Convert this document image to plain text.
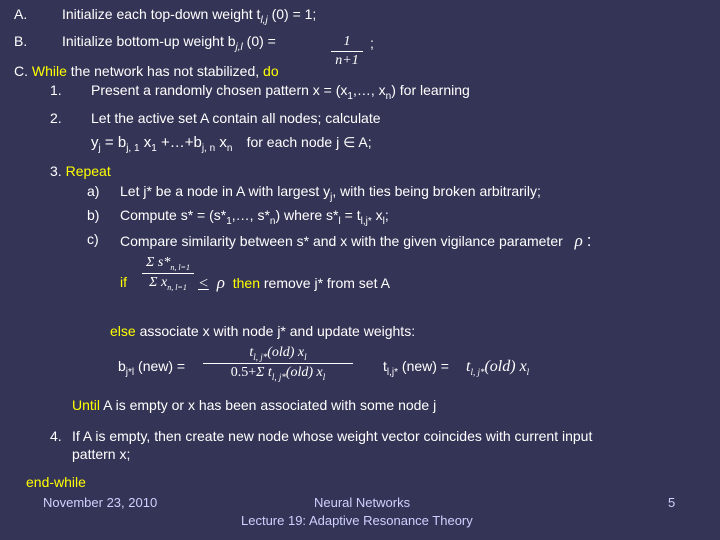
A. Initialize each top-down weight $t_{l,j}$ (0) = 1;
B. Initialize bottom-up weight $b_{j,l}$ (0) =	1
n+1
;
C. While the network has not stabilized, do
1. Present a randomly chosen pattern $x = (x_1,\dots$, $x_n$) for learning
2. Let the active set A contain all nodes; calculate
$y_j = b_{j, 1}$ $x_1$ $+\dots+b_{j, n}$ $x_n$ for each node j ∈ A;
3. Repeat
a) Let j* be a node in A with largest $y_j$, with ties being broken arbitrarily;
b) Compute $s* = (s*_1,\dots$, $s*_n$) where $s*_l = t_{l,j*}$ $x_l$;
c) Compare similarity between s* and x with the given vigilance parameter ρ :
if
Σ $s*_{n, l=1}$
Σ $x_{n, l=1} < \rho$ then remove j* from set A
else associate x with node j* and update weights:
$b_{j*l}$ (new) =
$t_{l, j*}(old)$ $x_l$
0.5+Σ $t_{l, j*}(old)$ $x_l$
$t_{l,j*}$ $(new) = t_{l, j*}(old)$ $x_l$
Until A is empty or x has been associated with some node j
4. If A is empty, then create new node whose weight vector coincides with current input
pattern x;
end-while
November 23, 2010	Neural Networks
Lecture 19: Adaptive Resonance Theory
5
